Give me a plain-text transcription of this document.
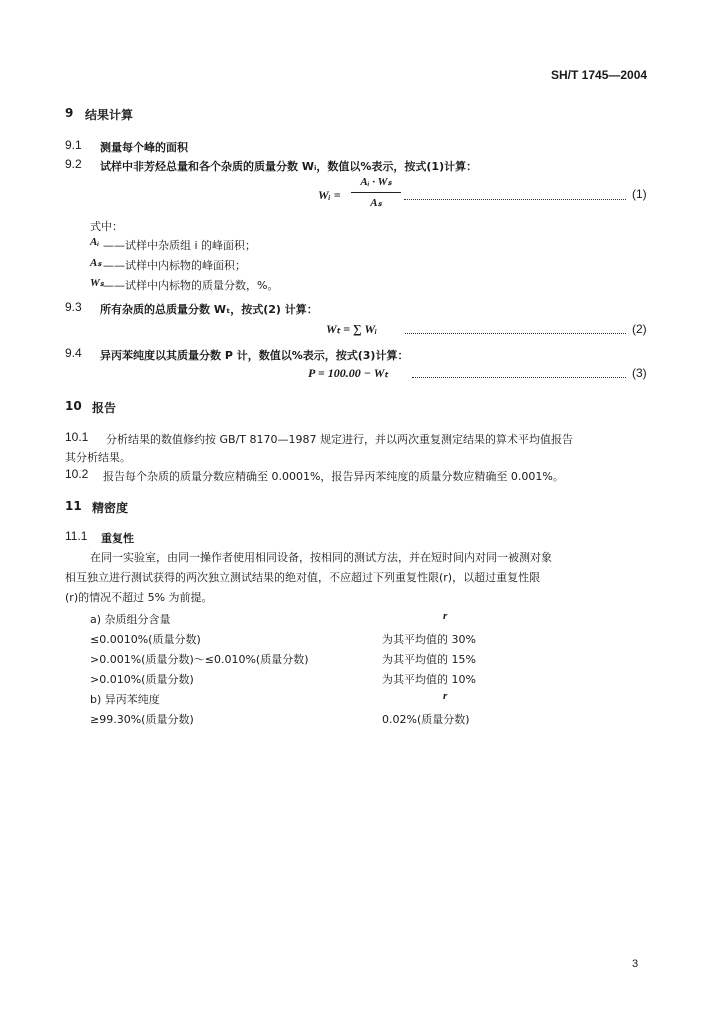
SH/T 1745—2004
9 结果计算
9.1 测量每个峰的面积
9.2 试样中非芳烃总量和各个杂质的质量分数 Wᵢ，数值以%表示，按式(1)计算：
Wᵢ =
Aᵢ · Wₛ
Aₛ
(1)
式中：
Aᵢ ——试样中杂质组 i 的峰面积；
Aₛ ——试样中内标物的峰面积；
Wₛ ——试样中内标物的质量分数，%。
9.3 所有杂质的总质量分数 Wₜ，按式(2) 计算：
Wₜ = ∑ Wᵢ	(2)
9.4 异丙苯纯度以其质量分数 P 计，数值以%表示，按式(3)计算：
P = 100.00 − Wₜ	(3)
10 报告
10.1 分析结果的数值修约按 GB/T 8170—1987 规定进行，并以两次重复测定结果的算术平均值报告
其分析结果。
10.2 报告每个杂质的质量分数应精确至 0.0001%，报告异丙苯纯度的质量分数应精确至 0.001%。
11 精密度
11.1 重复性
在同一实验室，由同一操作者使用相同设备，按相同的测试方法，并在短时间内对同一被测对象
相互独立进行测试获得的两次独立测试结果的绝对值，不应超过下列重复性限(r)，以超过重复性限
(r)的情况不超过 5% 为前提。
a) 杂质组分含量	r
≤0.0010%(质量分数)	为其平均值的 30%
>0.001%(质量分数)～≤0.010%(质量分数)	为其平均值的 15%
>0.010%(质量分数)	为其平均值的 10%
b) 异丙苯纯度	r
≥99.30%(质量分数)	0.02%(质量分数)
3
